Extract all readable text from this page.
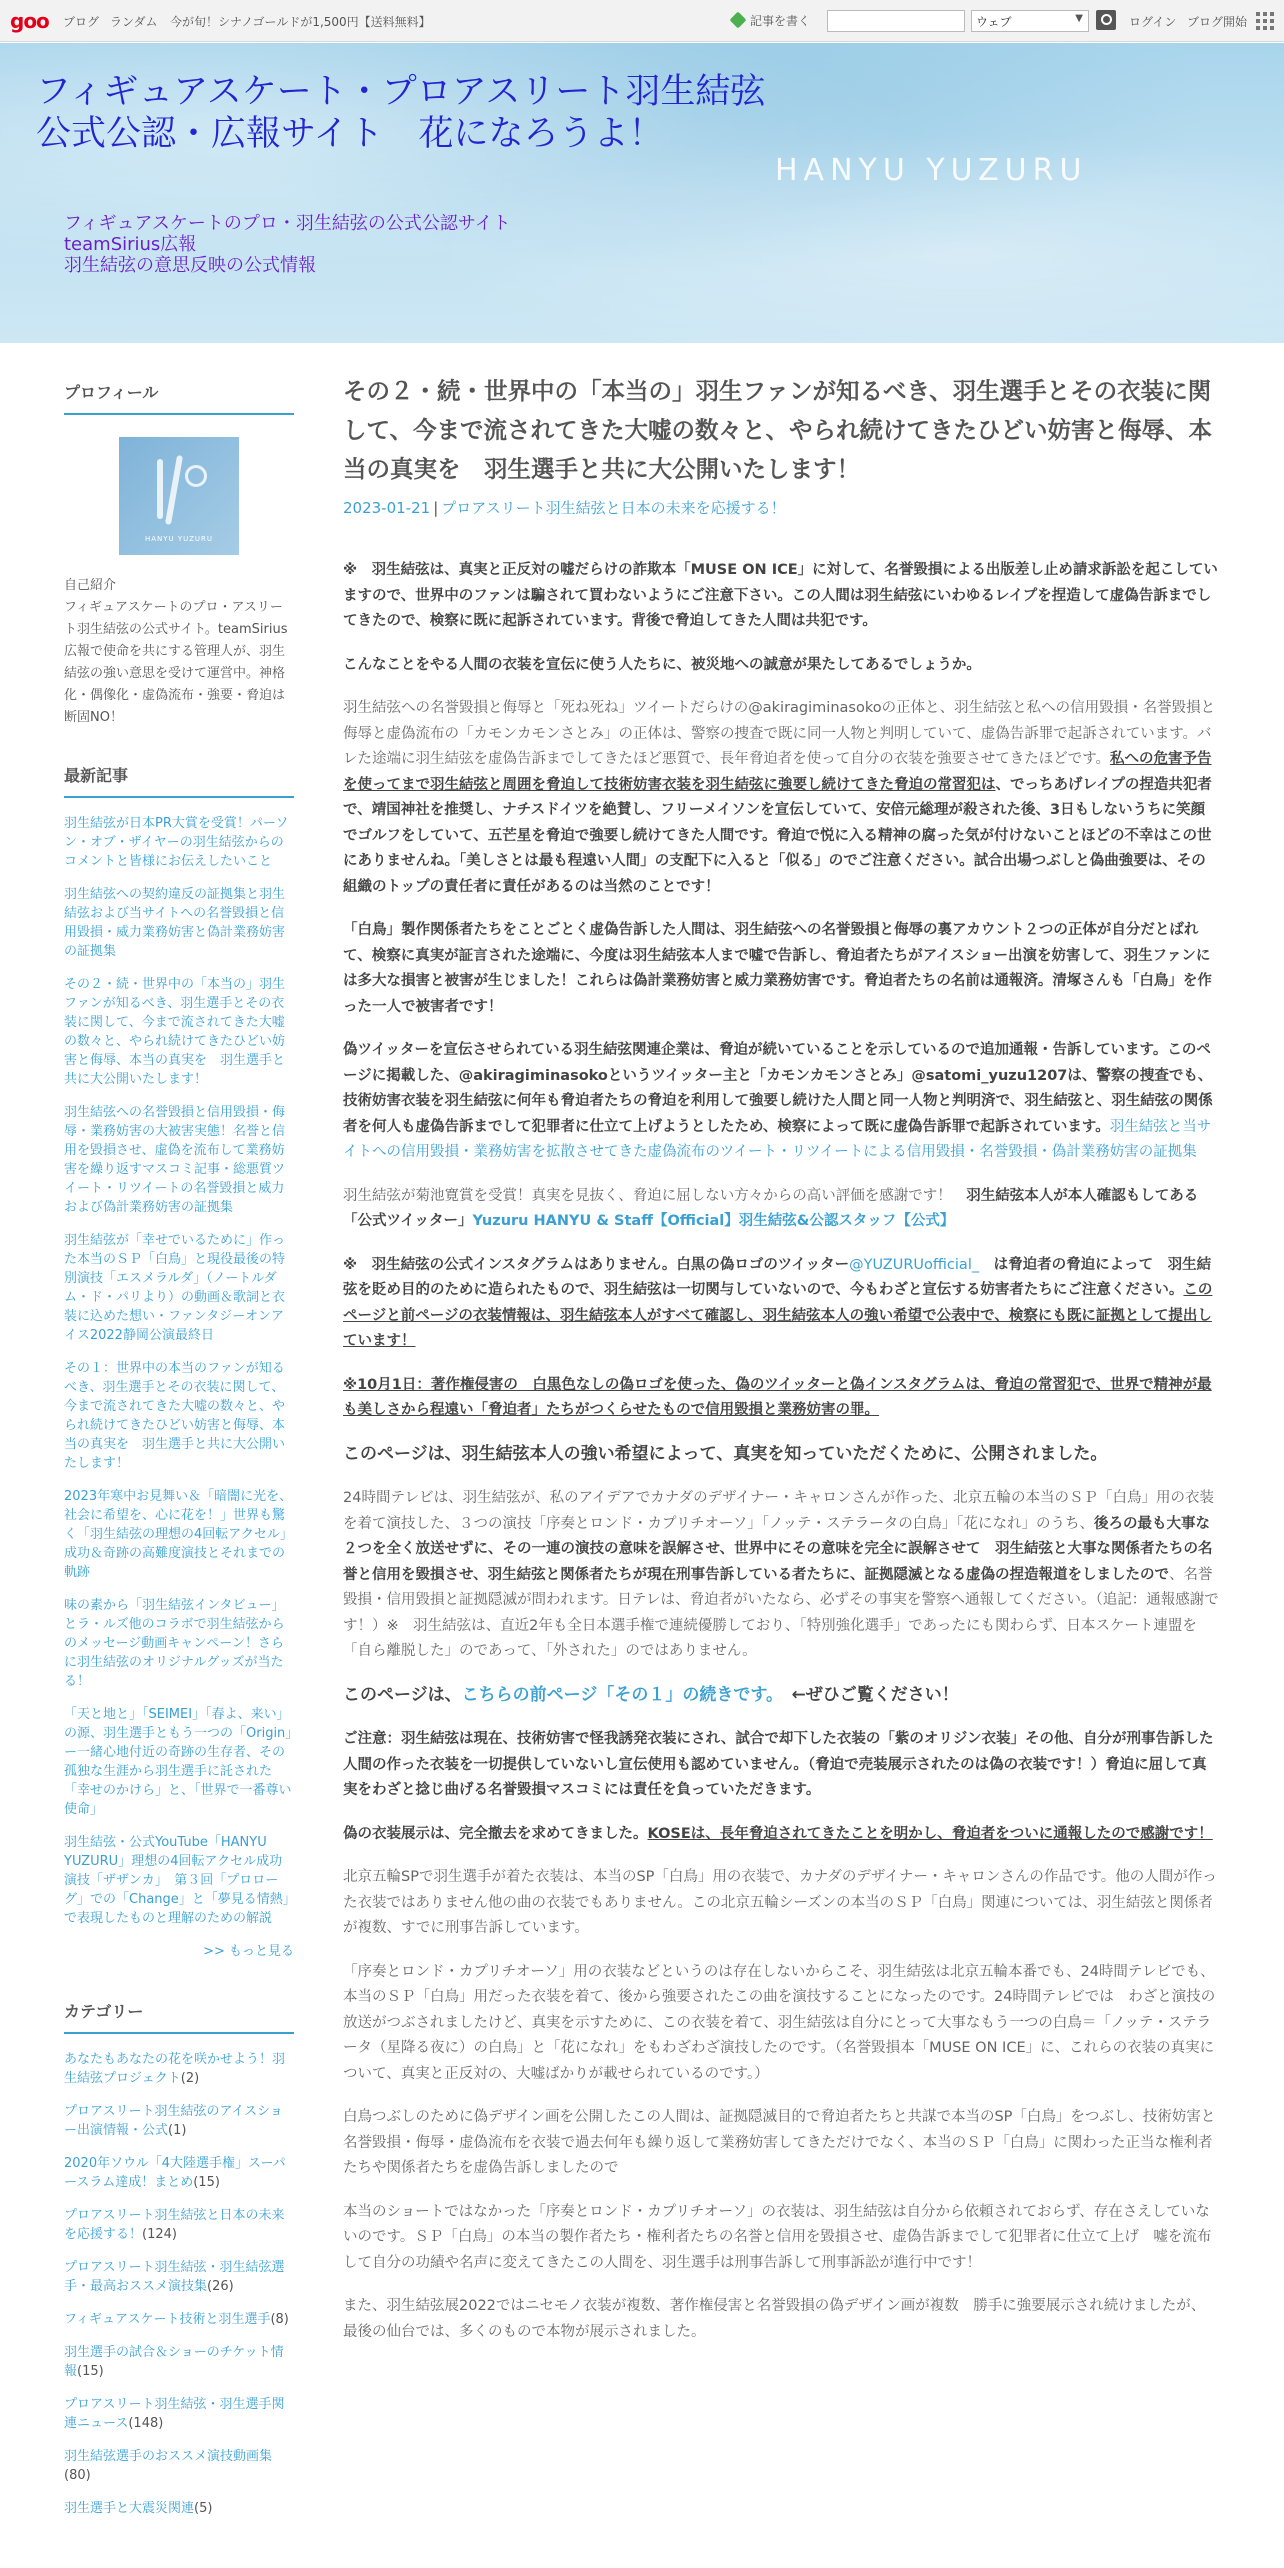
goo ブログ ランダム 今が旬！シナノゴールドが1,500円【送料無料】	記事を書く	ウェブ	▼	ログイン ブログ開始
フィギュアスケート・プロアスリート羽生結弦
公式公認・広報サイト　花になろうよ！
HANYU YUZURU
フィギュアスケートのプロ・羽生結弦の公式公認サイト
teamSirius広報
羽生結弦の意思反映の公式情報
プロフィール
HANYU YUZURU
自己紹介
フィギュアスケートのプロ・アスリート羽生結弦の公式サイト。teamSirius広報で使命を共にする管理人が、羽生結弦の強い意思を受けて運営中。神格化・偶像化・虚偽流布・強要・脅迫は断固NO！
最新記事
羽生結弦が日本PR大賞を受賞！パーソン・オブ・ザイヤーの羽生結弦からのコメントと皆様にお伝えしたいこと
羽生結弦への契約違反の証拠集と羽生結弦および当サイトへの名誉毀損と信用毀損・威力業務妨害と偽計業務妨害の証拠集
その２・続・世界中の「本当の」羽生ファンが知るべき、羽生選手とその衣装に関して、今まで流されてきた大嘘の数々と、やられ続けてきたひどい妨害と侮辱、本当の真実を　羽生選手と共に大公開いたします！
羽生結弦への名誉毀損と信用毀損・侮辱・業務妨害の大被害実態！名誉と信用を毀損させ、虚偽を流布して業務妨害を繰り返すマスコミ記事・総悪質ツイート・リツイートの名誉毀損と威力および偽計業務妨害の証拠集
羽生結弦が「幸せでいるために」作った本当のＳＰ「白鳥」と現役最後の特別演技「エスメラルダ」（ノートルダム・ド・パリより）の動画＆歌詞と衣装に込めた想い・ファンタジーオンアイス2022静岡公演最終日
その１：世界中の本当のファンが知るべき、羽生選手とその衣装に関して、今まで流されてきた大嘘の数々と、やられ続けてきたひどい妨害と侮辱、本当の真実を　羽生選手と共に大公開いたします！
2023年寒中お見舞い＆「暗闇に光を、社会に希望を、心に花を！」世界も驚く「羽生結弦の理想の4回転アクセル」成功＆奇跡の高難度演技とそれまでの軌跡
味の素から「羽生結弦インタビュー」とラ・ルズ他のコラボで羽生結弦からのメッセージ動画キャンペーン！さらに羽生結弦のオリジナルグッズが当たる！
「天と地と」「SEIMEI」「春よ、来い」の源、羽生選手ともう一つの「Origin」ー一緒心地付近の奇跡の生存者、その孤独な生涯から羽生選手に託された「幸せのかけら」と、「世界で一番尊い使命」
羽生結弦・公式YouTube「HANYU YUZURU」理想の4回転アクセル成功演技「ザザンカ」　第３回「プロローグ」での「Change」と「夢見る情熱」で表現したものと理解のための解説
>> もっと見る
カテゴリー
あなたもあなたの花を咲かせよう！羽生結弦プロジェクト(2)
プロアスリート羽生結弦のアイスショー出演情報・公式(1)
2020年ソウル「4大陸選手権」スーパースラム達成！まとめ(15)
プロアスリート羽生結弦と日本の未来を応援する！(124)
プロアスリート羽生結弦・羽生結弦選手・最高おススメ演技集(26)
フィギュアスケート技術と羽生選手(8)
羽生選手の試合＆ショーのチケット情報(15)
プロアスリート羽生結弦・羽生選手関連ニュース(148)
羽生結弦選手のおススメ演技動画集(80)
羽生選手と大震災関連(5)
その２・続・世界中の「本当の」羽生ファンが知るべき、羽生選手とその衣装に関して、今まで流されてきた大嘘の数々と、やられ続けてきたひどい妨害と侮辱、本当の真実を　羽生選手と共に大公開いたします！
2023-01-21 | プロアスリート羽生結弦と日本の未来を応援する！

※　羽生結弦は、真実と正反対の嘘だらけの詐欺本「MUSE ON ICE」に対して、名誉毀損による出版差し止め請求訴訟を起こしていますので、世界中のファンは騙されて買わないようにご注意下さい。この人間は羽生結弦にいわゆるレイプを捏造して虚偽告訴までしてきたので、検察に既に起訴されています。背後で脅迫してきた人間は共犯です。

こんなことをやる人間の衣装を宣伝に使う人たちに、被災地への誠意が果たしてあるでしょうか。

羽生結弦への名誉毀損と侮辱と「死ね死ね」ツイートだらけの@akiragiminasokoの正体と、羽生結弦と私への信用毀損・名誉毀損と侮辱と虚偽流布の「カモンカモンさとみ」の正体は、警察の捜査で既に同一人物と判明していて、虚偽告訴罪で起訴されています。バレた途端に羽生結弦を虚偽告訴までしてきたほど悪質で、長年脅迫者を使って自分の衣装を強要させてきたほどです。私への危害予告を使ってまで羽生結弦と周囲を脅迫して技術妨害衣装を羽生結弦に強要し続けてきた脅迫の常習犯は、でっちあげレイプの捏造共犯者で、靖国神社を推奨し、ナチスドイツを絶賛し、フリーメイソンを宣伝していて、安倍元総理が殺された後、3日もしないうちに笑顔でゴルフをしていて、五芒星を脅迫で強要し続けてきた人間です。脅迫で悦に入る精神の腐った気が付けないことほどの不幸はこの世にありませんね。「美しさとは最も程遠い人間」の支配下に入ると「似る」のでご注意ください。試合出場つぶしと偽曲強要は、その組織のトップの責任者に責任があるのは当然のことです！

「白鳥」製作関係者たちをことごとく虚偽告訴した人間は、羽生結弦への名誉毀損と侮辱の裏アカウント２つの正体が自分だとばれて、検察に真実が証言された途端に、今度は羽生結弦本人まで嘘で告訴し、脅迫者たちがアイスショー出演を妨害して、羽生ファンには多大な損害と被害が生じました！これらは偽計業務妨害と威力業務妨害です。脅迫者たちの名前は通報済。清塚さんも「白鳥」を作った一人で被害者です！

偽ツイッターを宣伝させられている羽生結弦関連企業は、脅迫が続いていることを示しているので追加通報・告訴しています。このページに掲載した、@akiragiminasokoというツイッター主と「カモンカモンさとみ」@satomi_yuzu1207は、警察の捜査でも、技術妨害衣装を羽生結弦に何年も脅迫者たちの脅迫を利用して強要し続けた人間と同一人物と判明済で、羽生結弦と、羽生結弦の関係者を何人も虚偽告訴までして犯罪者に仕立て上げようとしたため、検察によって既に虚偽告訴罪で起訴されています。羽生結弦と当サイトへの信用毀損・業務妨害を拡散させてきた虚偽流布のツイート・リツイートによる信用毀損・名誉毀損・偽計業務妨害の証拠集

羽生結弦が菊池寛賞を受賞！真実を見抜く、脅迫に屈しない方々からの高い評価を感謝です！　羽生結弦本人が本人確認もしてある「公式ツイッター」Yuzuru HANYU & Staff【Official】羽生結弦&公認スタッフ【公式】

※　羽生結弦の公式インスタグラムはありません。白黒の偽ロゴのツイッター@YUZURUofficial_　は脅迫者の脅迫によって　羽生結弦を貶め目的のために造られたもので、羽生結弦は一切関与していないので、今もわざと宣伝する妨害者たちにご注意ください。このページと前ページの衣装情報は、羽生結弦本人がすべて確認し、羽生結弦本人の強い希望で公表中で、検察にも既に証拠として提出しています！

※10月1日：著作権侵害の　白黒色なしの偽ロゴを使った、偽のツイッターと偽インスタグラムは、脅迫の常習犯で、世界で精神が最も美しさから程遠い「脅迫者」たちがつくらせたもので信用毀損と業務妨害の罪。

このページは、羽生結弦本人の強い希望によって、真実を知っていただくために、公開されました。

24時間テレビは、羽生結弦が、私のアイデアでカナダのデザイナー・キャロンさんが作った、北京五輪の本当のＳＰ「白鳥」用の衣装を着て演技した、３つの演技「序奏とロンド・カプリチオーソ」「ノッテ・ステラータの白鳥」「花になれ」のうち、後ろの最も大事な２つを全く放送せずに、その一連の演技の意味を誤解させ、世界中にその意味を完全に誤解させて　羽生結弦と大事な関係者たちの名誉と信用を毀損させ、羽生結弦と関係者たちが現在刑事告訴している者たちに、証拠隠滅となる虚偽の捏造報道をしましたので、名誉毀損・信用毀損と証拠隠滅が問われます。日テレは、脅迫者がいたなら、必ずその事実を警察へ通報してください。（追記：通報感謝です！）※　羽生結弦は、直近2年も全日本選手権で連続優勝しており、「特別強化選手」であったにも関わらず、日本スケート連盟を「自ら離脱した」のであって、「外された」のではありません。

このページは、こちらの前ページ「その１」の続きです。　←ぜひご覧ください！

ご注意：羽生結弦は現在、技術妨害で怪我誘発衣装にされ、試合で却下した衣装の「紫のオリジン衣装」その他、自分が刑事告訴した人間の作った衣装を一切提供していないし宣伝使用も認めていません。（脅迫で売装展示されたのは偽の衣装です！）脅迫に屈して真実をわざと捻じ曲げる名誉毀損マスコミには責任を負っていただきます。

偽の衣装展示は、完全撤去を求めてきました。KOSEは、長年脅迫されてきたことを明かし、脅迫者をついに通報したので感謝です！

北京五輪SPで羽生選手が着た衣装は、本当のSP「白鳥」用の衣装で、カナダのデザイナー・キャロンさんの作品です。他の人間が作った衣装ではありません他の曲の衣装でもありません。この北京五輪シーズンの本当のＳＰ「白鳥」関連については、羽生結弦と関係者が複数、すでに刑事告訴しています。

「序奏とロンド・カプリチオーソ」用の衣装などというのは存在しないからこそ、羽生結弦は北京五輪本番でも、24時間テレビでも、本当のＳＰ「白鳥」用だった衣装を着て、後から強要されたこの曲を演技することになったのです。24時間テレビでは　わざと演技の放送がつぶされましたけど、真実を示すために、この衣装を着て、羽生結弦は自分にとって大事なもう一つの白鳥＝「ノッテ・ステラータ（星降る夜に）の白鳥」と「花になれ」をもわざわざ演技したのです。（名誉毀損本「MUSE ON ICE」に、これらの衣装の真実について、真実と正反対の、大嘘ばかりが載せられているのです。）

白鳥つぶしのために偽デザイン画を公開したこの人間は、証拠隠滅目的で脅迫者たちと共謀で本当のSP「白鳥」をつぶし、技術妨害と名誉毀損・侮辱・虚偽流布を衣装で過去何年も繰り返して業務妨害してきただけでなく、本当のＳＰ「白鳥」に関わった正当な権利者たちや関係者たちを虚偽告訴しましたので

本当のショートではなかった「序奏とロンド・カプリチオーソ」の衣装は、羽生結弦は自分から依頼されておらず、存在さえしていないのです。ＳＰ「白鳥」の本当の製作者たち・権利者たちの名誉と信用を毀損させ、虚偽告訴までして犯罪者に仕立て上げ　嘘を流布して自分の功績や名声に変えてきたこの人間を、羽生選手は刑事告訴して刑事訴訟が進行中です！

また、羽生結弦展2022ではニセモノ衣装が複数、著作権侵害と名誉毀損の偽デザイン画が複数　勝手に強要展示され続けましたが、最後の仙台では、多くのもので本物が展示されました。
